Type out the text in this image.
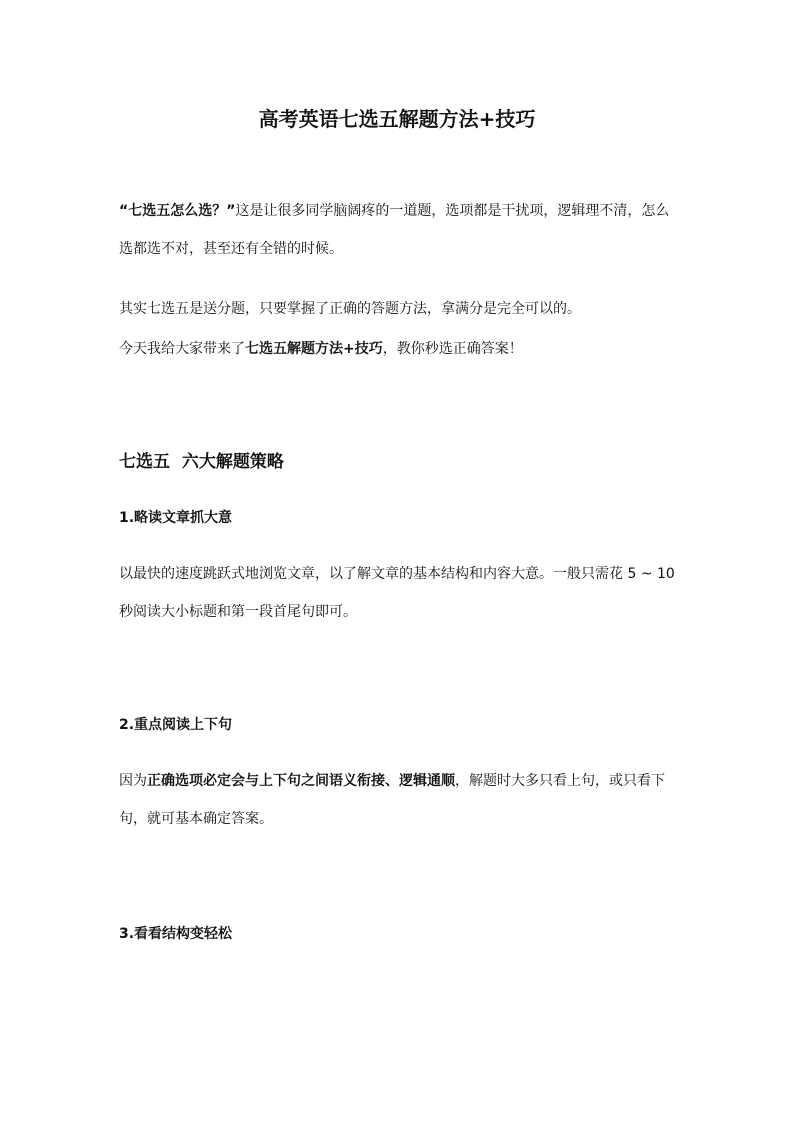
高考英语七选五解题方法+技巧

“七选五怎么选？”这是让很多同学脑阔疼的一道题，选项都是干扰项，逻辑理不清，怎么选都选不对，甚至还有全错的时候。

其实七选五是送分题，只要掌握了正确的答题方法，拿满分是完全可以的。

今天我给大家带来了七选五解题方法+技巧，教你秒选正确答案！

七选五  六大解题策略
1.略读文章抓大意

以最快的速度跳跃式地浏览文章，以了解文章的基本结构和内容大意。一般只需花 5 ~ 10 秒阅读大小标题和第一段首尾句即可。

2.重点阅读上下句

因为正确选项必定会与上下句之间语义衔接、逻辑通顺，解题时大多只看上句，或只看下句，就可基本确定答案。

3.看看结构变轻松
